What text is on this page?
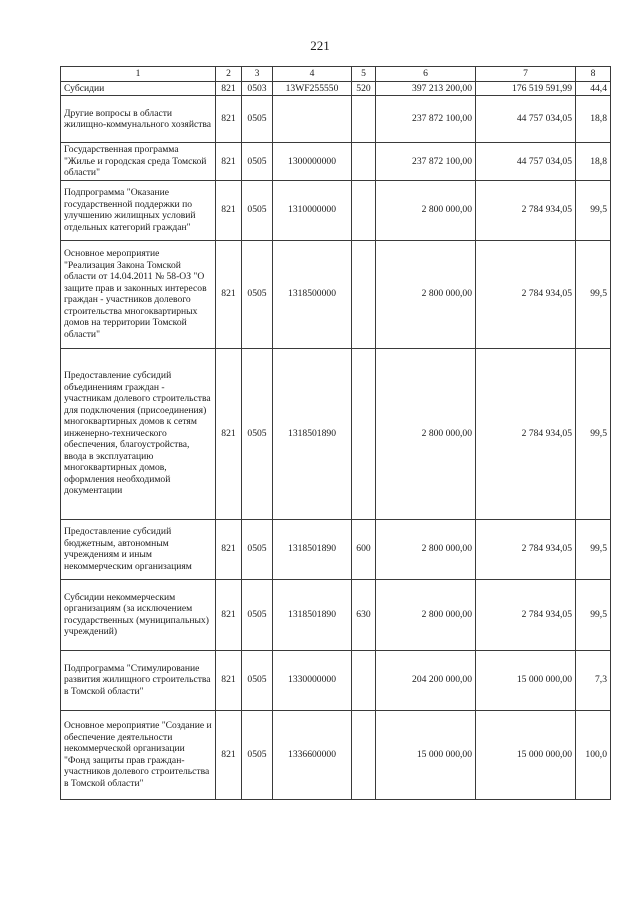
221
1	2	3	4	5	6	7	8
Субсидии	821	0503	13WF255550	520	397 213 200,00	176 519 591,99	44,4
Другие вопросы в области жилищно-коммунального хозяйства	821	0505			237 872 100,00	44 757 034,05	18,8
Государственная программа "Жилье и городская среда Томской области"	821	0505	1300000000		237 872 100,00	44 757 034,05	18,8
Подпрограмма "Оказание государственной поддержки по улучшению жилищных условий отдельных категорий граждан"	821	0505	1310000000		2 800 000,00	2 784 934,05	99,5
Основное мероприятие "Реализация Закона Томской области от 14.04.2011 № 58-ОЗ "О защите прав и законных интересов граждан - участников долевого строительства многоквартирных домов на территории Томской области"	821	0505	1318500000		2 800 000,00	2 784 934,05	99,5
Предоставление субсидий объединениям граждан - участникам долевого строительства для подключения (присоединения) многоквартирных домов к сетям инженерно-технического обеспечения, благоустройства, ввода в эксплуатацию многоквартирных домов, оформления необходимой документации	821	0505	1318501890		2 800 000,00	2 784 934,05	99,5
Предоставление субсидий бюджетным, автономным учреждениям и иным некоммерческим организациям	821	0505	1318501890	600	2 800 000,00	2 784 934,05	99,5
Субсидии некоммерческим организациям (за исключением государственных (муниципальных) учреждений)	821	0505	1318501890	630	2 800 000,00	2 784 934,05	99,5
Подпрограмма "Стимулирование развития жилищного строительства в Томской области"	821	0505	1330000000		204 200 000,00	15 000 000,00	7,3
Основное мероприятие "Создание и обеспечение деятельности некоммерческой организации "Фонд защиты прав граждан-участников долевого строительства в Томской области"	821	0505	1336600000		15 000 000,00	15 000 000,00	100,0
